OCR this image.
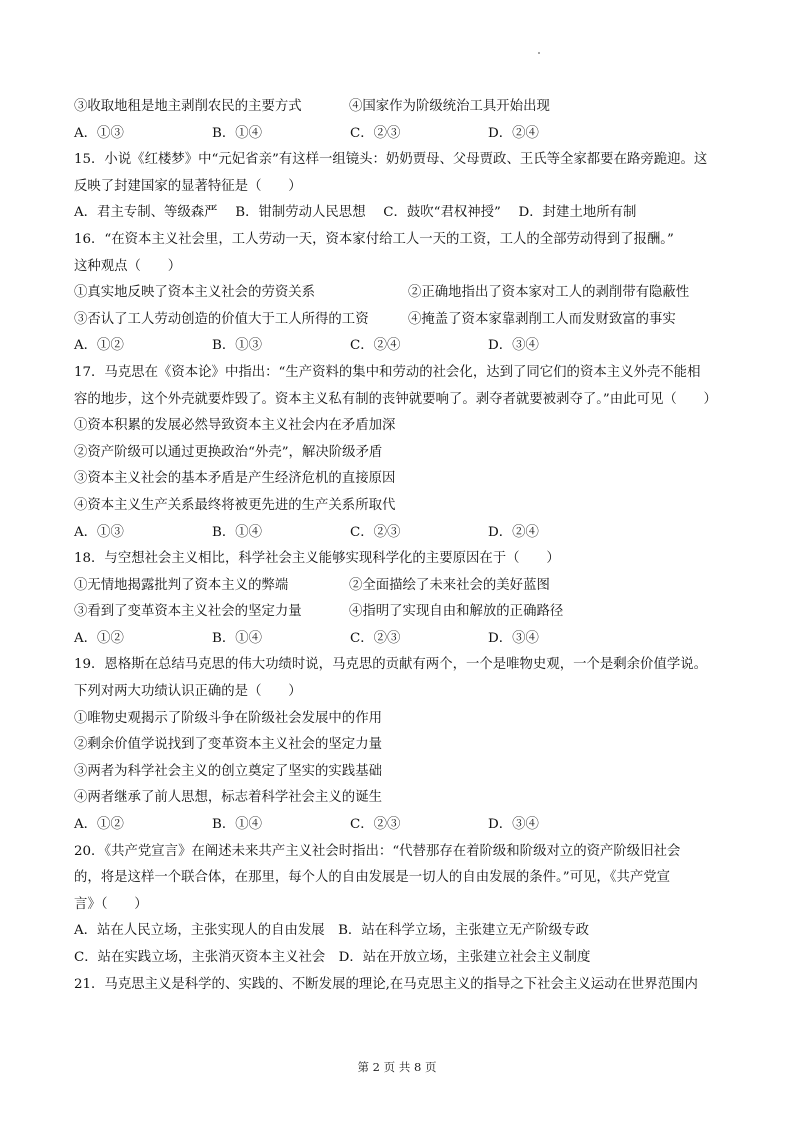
③收取地租是地主剥削农民的主要方式	④国家作为阶级统治工具开始出现
A．①③	B．①④	C．②③	D．②④
15．小说《红楼梦》中“元妃省亲”有这样一组镜头：奶奶贾母、父母贾政、王氏等全家都要在路旁跪迎。这
反映了封建国家的显著特征是（　　）
A．君主专制、等级森严　 B．钳制劳动人民思想　 C．鼓吹“君权神授”　 D．封建土地所有制
16．“在资本主义社会里，工人劳动一天，资本家付给工人一天的工资，工人的全部劳动得到了报酬。”
这种观点（　　）
①真实地反映了资本主义社会的劳资关系	②正确地指出了资本家对工人的剥削带有隐蔽性
③否认了工人劳动创造的价值大于工人所得的工资	④掩盖了资本家靠剥削工人而发财致富的事实
A．①②	B．①③	C．②④	D．③④
17．马克思在《资本论》中指出：“生产资料的集中和劳动的社会化，达到了同它们的资本主义外壳不能相
容的地步，这个外壳就要炸毁了。资本主义私有制的丧钟就要响了。剥夺者就要被剥夺了。”由此可见（　　）
①资本积累的发展必然导致资本主义社会内在矛盾加深
②资产阶级可以通过更换政治“外壳”，解决阶级矛盾
③资本主义社会的基本矛盾是产生经济危机的直接原因
④资本主义生产关系最终将被更先进的生产关系所取代
A．①③	B．①④	C．②③	D．②④
18．与空想社会主义相比，科学社会主义能够实现科学化的主要原因在于（　　）
①无情地揭露批判了资本主义的弊端	②全面描绘了未来社会的美好蓝图
③看到了变革资本主义社会的坚定力量	④指明了实现自由和解放的正确路径
A．①②	B．①④	C．②③	D．③④
19．恩格斯在总结马克思的伟大功绩时说，马克思的贡献有两个，一个是唯物史观，一个是剩余价值学说。
下列对两大功绩认识正确的是（　　）
①唯物史观揭示了阶级斗争在阶级社会发展中的作用
②剩余价值学说找到了变革资本主义社会的坚定力量
③两者为科学社会主义的创立奠定了坚实的实践基础
④两者继承了前人思想，标志着科学社会主义的诞生
A．①②	B．①④	C．②③	D．③④
20．《共产党宣言》在阐述未来共产主义社会时指出：“代替那存在着阶级和阶级对立的资产阶级旧社会
的，将是这样一个联合体，在那里，每个人的自由发展是一切人的自由发展的条件。”可见，《共产党宣
言》（　　）
A．站在人民立场，主张实现人的自由发展　B．站在科学立场，主张建立无产阶级专政
C．站在实践立场，主张消灭资本主义社会　D．站在开放立场，主张建立社会主义制度
21．马克思主义是科学的、实践的、不断发展的理论,在马克思主义的指导之下社会主义运动在世界范围内
第 2 页 共 8 页
